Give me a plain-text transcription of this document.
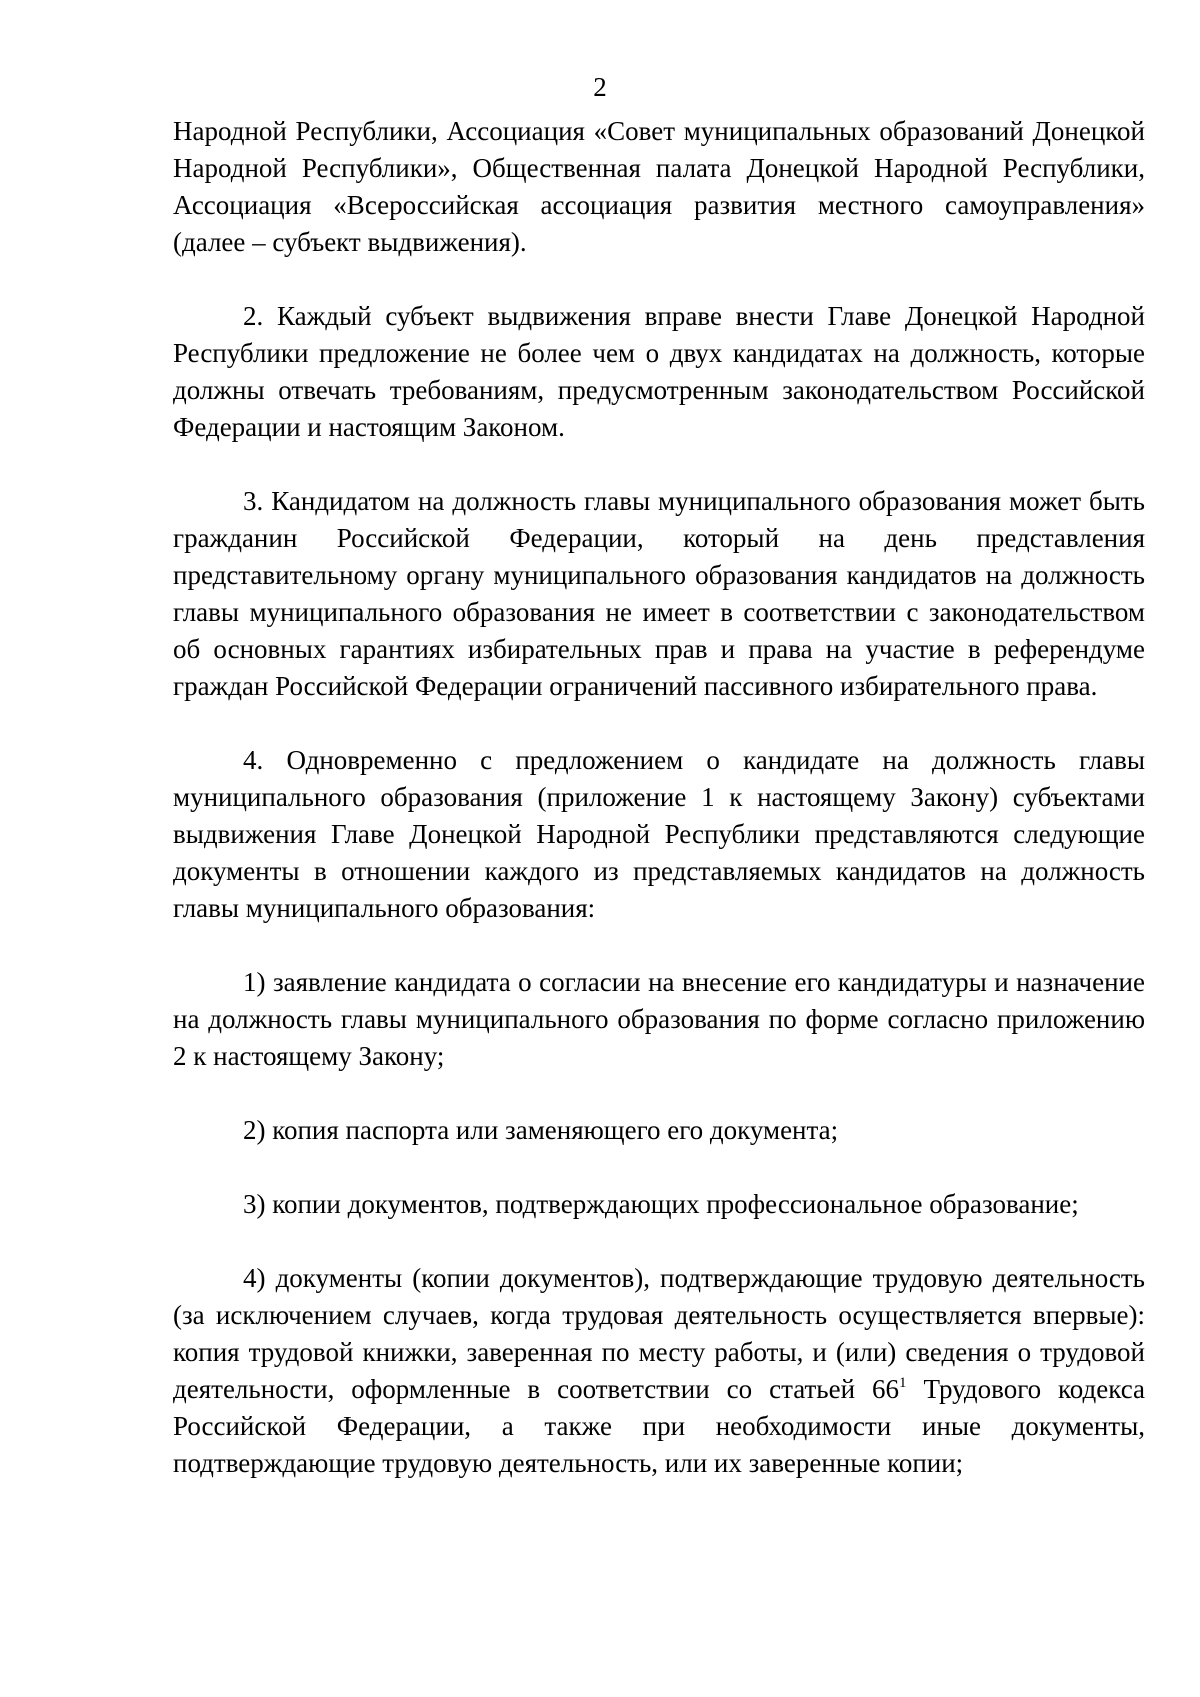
2

Народной Республики, Ассоциация «Совет муниципальных образований Донецкой Народной Республики», Общественная палата Донецкой Народной Республики, Ассоциация «Всероссийская ассоциация развития местного самоуправления» (далее – субъект выдвижения).

2. Каждый субъект выдвижения вправе внести Главе Донецкой Народной Республики предложение не более чем о двух кандидатах на должность, которые должны отвечать требованиям, предусмотренным законодательством Российской Федерации и настоящим Законом.

3. Кандидатом на должность главы муниципального образования может быть гражданин Российской Федерации, который на день представления представительному органу муниципального образования кандидатов на должность главы муниципального образования не имеет в соответствии с законодательством об основных гарантиях избирательных прав и права на участие в референдуме граждан Российской Федерации ограничений пассивного избирательного права.

4. Одновременно с предложением о кандидате на должность главы муниципального образования (приложение 1 к настоящему Закону) субъектами выдвижения Главе Донецкой Народной Республики представляются следующие документы в отношении каждого из представляемых кандидатов на должность главы муниципального образования:

1) заявление кандидата о согласии на внесение его кандидатуры и назначение на должность главы муниципального образования по форме согласно приложению 2 к настоящему Закону;

2) копия паспорта или заменяющего его документа;

3) копии документов, подтверждающих профессиональное образование;

4) документы (копии документов), подтверждающие трудовую деятельность (за исключением случаев, когда трудовая деятельность осуществляется впервые): копия трудовой книжки, заверенная по месту работы, и (или) сведения о трудовой деятельности, оформленные в соответствии со статьей $66^1$ Трудового кодекса Российской Федерации, а также при необходимости иные документы, подтверждающие трудовую деятельность, или их заверенные копии;
